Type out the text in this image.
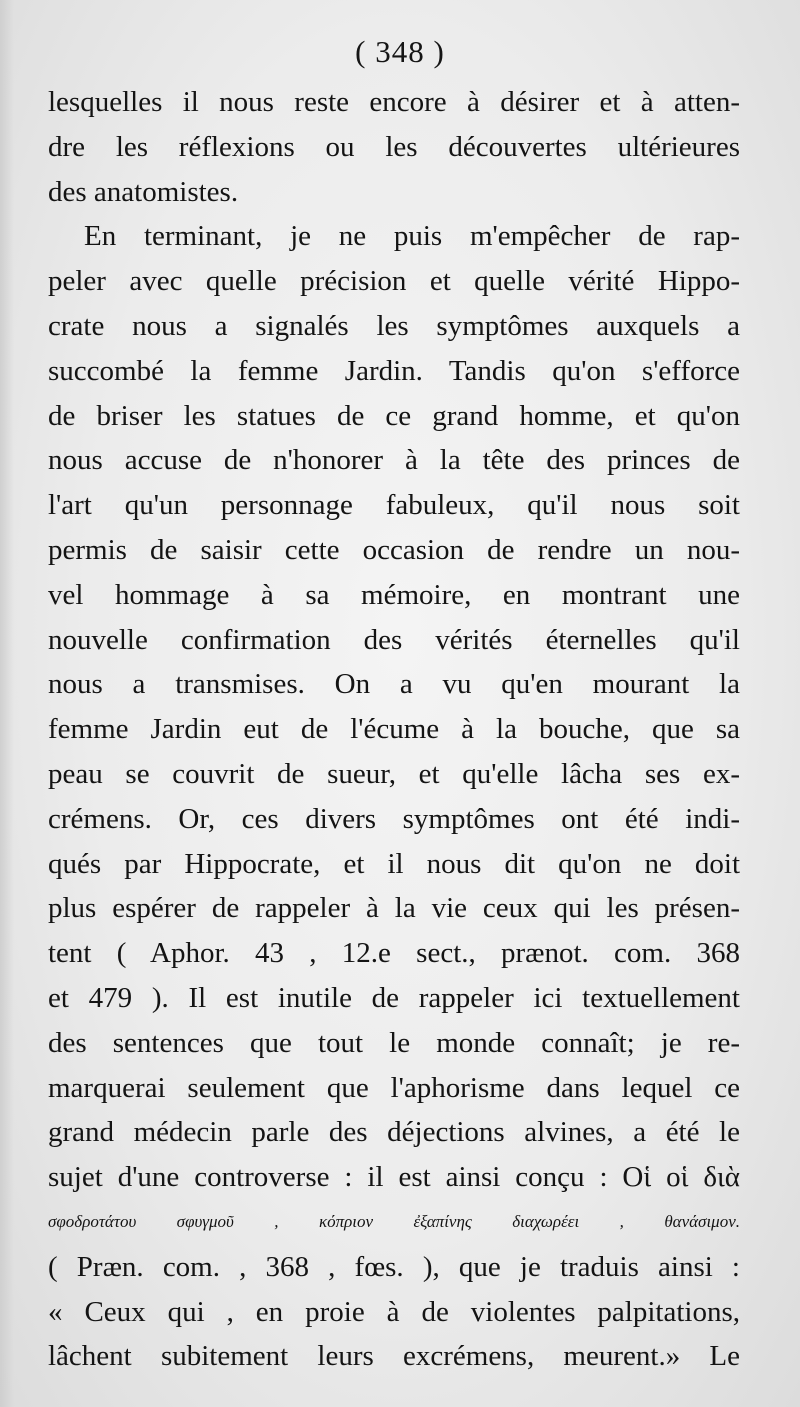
( 348 )
lesquelles il nous reste encore à désirer et à atten-
dre les réflexions ou les découvertes ultérieures
des anatomistes.
En terminant, je ne puis m'empêcher de rap-
peler avec quelle précision et quelle vérité Hippo-
crate nous a signalés les symptômes auxquels a
succombé la femme Jardin. Tandis qu'on s'efforce
de briser les statues de ce grand homme, et qu'on
nous accuse de n'honorer à la tête des princes de
l'art qu'un personnage fabuleux, qu'il nous soit
permis de saisir cette occasion de rendre un nou-
vel hommage à sa mémoire, en montrant une
nouvelle confirmation des vérités éternelles qu'il
nous a transmises. On a vu qu'en mourant la
femme Jardin eut de l'écume à la bouche, que sa
peau se couvrit de sueur, et qu'elle lâcha ses ex-
crémens. Or, ces divers symptômes ont été indi-
qués par Hippocrate, et il nous dit qu'on ne doit
plus espérer de rappeler à la vie ceux qui les présen-
tent ( Aphor. 43 , 12.e sect., prænot. com. 368
et 479 ). Il est inutile de rappeler ici textuellement
des sentences que tout le monde connaît; je re-
marquerai seulement que l'aphorisme dans lequel ce
grand médecin parle des déjections alvines, a été le
sujet d'une controverse : il est ainsi conçu : Οἱ οἱ διὰ
σφοδροτάτου σφυγμοῦ , κόπριον ἐξαπίνης διαχωρέει , θανάσιμον.
( Præn. com. , 368 , fœs. ), que je traduis ainsi :
« Ceux qui , en proie à de violentes palpitations,
lâchent subitement leurs excrémens, meurent.» Le
